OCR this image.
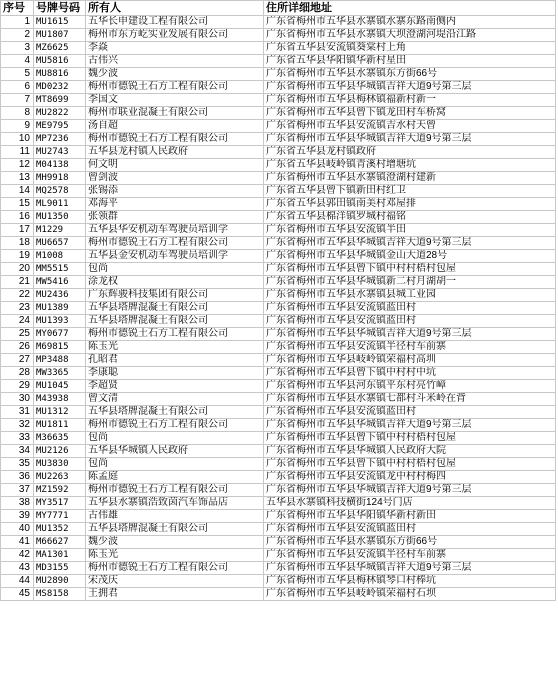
序号	号牌号码	所有人	住所详细地址
1	MU1615	五华长申建设工程有限公司	广东省梅州市五华县水寨镇水寨东路南侧内
2	MU1807	梅州市东方屹实业发展有限公司	广东省梅州市五华县水寨镇大坝澄湖河堤沿江路
3	MZ6625	李焱	广东省五华县安流镇葵棠村上角
4	MU5816	古伟兴	广东省五华县华阳镇华新村星田
5	MU8816	魏少波	广东省梅州市五华县水寨镇东方街66号
6	MD0232	梅州市德锐土石方工程有限公司	广东省梅州市五华县华城镇吉祥大道9号第三层
7	MT8699	李国文	广东省梅州市五华县梅林镇福新村新一
8	MU2822	梅州市联业混凝土有限公司	广东省梅州市五华县曾下镇龙田村车桥窝
9	ME9795	汤自超	广东省梅州市五华县安流镇吉水村天曾
10	MP7236	梅州市德锐土石方工程有限公司	广东省梅州市五华县华城镇吉祥大道9号第三层
11	MU2743	五华县龙村镇人民政府	广东省五华县龙村镇政府
12	M04138	何文明	广东省五华县岐岭镇青溪村增塘坑
13	MH9918	曾剑波	广东省梅州市五华县水寨镇澄湖村建新
14	MQ2578	张锡添	广东省五华县曾下镇新田村红卫
15	ML9011	邓海平	广东省五华县郭田镇南美村邓屋排
16	MU1350	张领群	广东省五华县棉洋镇罗城村福铭
17	M1229	五华县华安机动车驾驶员培训学	广东省梅州市五华县安流镇半田
18	MU6657	梅州市德锐土石方工程有限公司	广东省梅州市五华县华城镇吉祥大道9号第三层
19	M1008	五华县金安机动车驾驶员培训学	广东省梅州市五华县华城镇金山大道28号
20	MM5515	包尚	广东省梅州市五华县曾下镇中村村梧村包屋
21	MW5416	涂龙权	广东省梅州市五华县华城镇新二村月湖胡一
22	MU2436	广东辉骏科技集团有限公司	广东省梅州市五华县水寨镇县城工业园
23	MU1389	五华县塔牌混凝土有限公司	广东省梅州市五华县安流镇蓝田村
24	MU1393	五华县塔牌混凝土有限公司	广东省梅州市五华县安流镇蓝田村
25	MY0677	梅州市德锐土石方工程有限公司	广东省梅州市五华县华城镇吉祥大道9号第三层
26	M69815	陈玉光	广东省梅州市五华县安流镇半径村车前寨
27	MP3488	孔昭君	广东省梅州市五华县岐岭镇荣福村高圳
28	MW3365	李康聪	广东省梅州市五华县曾下镇中村村中坑
29	MU1045	李超贤	广东省梅州市五华县河东镇平东村亮竹嶂
30	M43938	曾文清	广东省梅州市五华县水寨镇七都村斗米岭在背
31	MU1312	五华县塔牌混凝土有限公司	广东省梅州市五华县安流镇蓝田村
32	MU1811	梅州市德锐土石方工程有限公司	广东省梅州市五华县华城镇吉祥大道9号第三层
33	M36635	包尚	广东省梅州市五华县曾下镇中村村梧村包屋
34	MU2126	五华县华城镇人民政府	广东省梅州市五华县华城镇人民政府大院
35	MU3830	包尚	广东省梅州市五华县曾下镇中村村梧村包屋
36	MU2263	陈孟庭	广东省梅州市五华县安流镇龙中村村梅四
37	MZ1592	梅州市德锐土石方工程有限公司	广东省梅州市五华县华城镇吉祥大道9号第三层
38	MY3517	五华县水寨镇浩致茵汽车饰品店	五华县水寨镇科技横街124号门店
39	MY7771	古伟雄	广东省梅州市五华县华阳镇华新村新田
40	MU1352	五华县塔牌混凝土有限公司	广东省梅州市五华县安流镇蓝田村
41	M66627	魏少波	广东省梅州市五华县水寨镇东方街66号
42	MA1301	陈玉光	广东省梅州市五华县安流镇半径村车前寨
43	MD3155	梅州市德锐土石方工程有限公司	广东省梅州市五华县华城镇吉祥大道9号第三层
44	MU2890	宋茂庆	广东省梅州市五华县梅林镇琴口村棒坑
45	MS8158	王拥君	广东省梅州市五华县岐岭镇荣福村石坝
